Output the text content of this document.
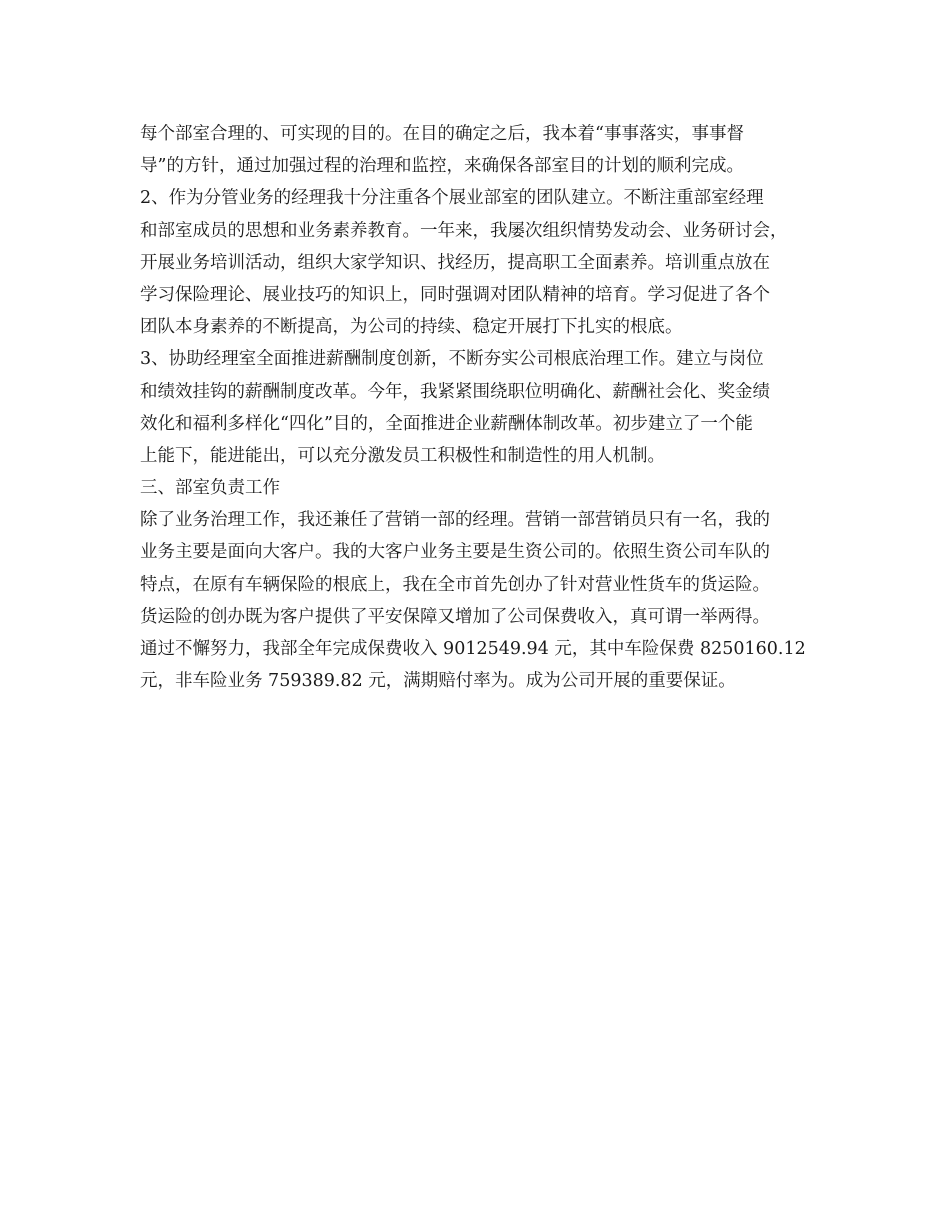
每个部室合理的、可实现的目的。在目的确定之后，我本着“事事落实，事事督
导”的方针，通过加强过程的治理和监控，来确保各部室目的计划的顺利完成。
2、作为分管业务的经理我十分注重各个展业部室的团队建立。不断注重部室经理
和部室成员的思想和业务素养教育。一年来，我屡次组织情势发动会、业务研讨会，
开展业务培训活动，组织大家学知识、找经历，提高职工全面素养。培训重点放在
学习保险理论、展业技巧的知识上，同时强调对团队精神的培育。学习促进了各个
团队本身素养的不断提高，为公司的持续、稳定开展打下扎实的根底。
3、协助经理室全面推进薪酬制度创新，不断夯实公司根底治理工作。建立与岗位
和绩效挂钩的薪酬制度改革。今年，我紧紧围绕职位明确化、薪酬社会化、奖金绩
效化和福利多样化“四化”目的，全面推进企业薪酬体制改革。初步建立了一个能
上能下，能进能出，可以充分激发员工积极性和制造性的用人机制。
三、部室负责工作
除了业务治理工作，我还兼任了营销一部的经理。营销一部营销员只有一名，我的
业务主要是面向大客户。我的大客户业务主要是生资公司的。依照生资公司车队的
特点，在原有车辆保险的根底上，我在全市首先创办了针对营业性货车的货运险。
货运险的创办既为客户提供了平安保障又增加了公司保费收入，真可谓一举两得。
通过不懈努力，我部全年完成保费收入 9012549.94 元，其中车险保费 8250160.12
元，非车险业务 759389.82 元，满期赔付率为。成为公司开展的重要保证。
